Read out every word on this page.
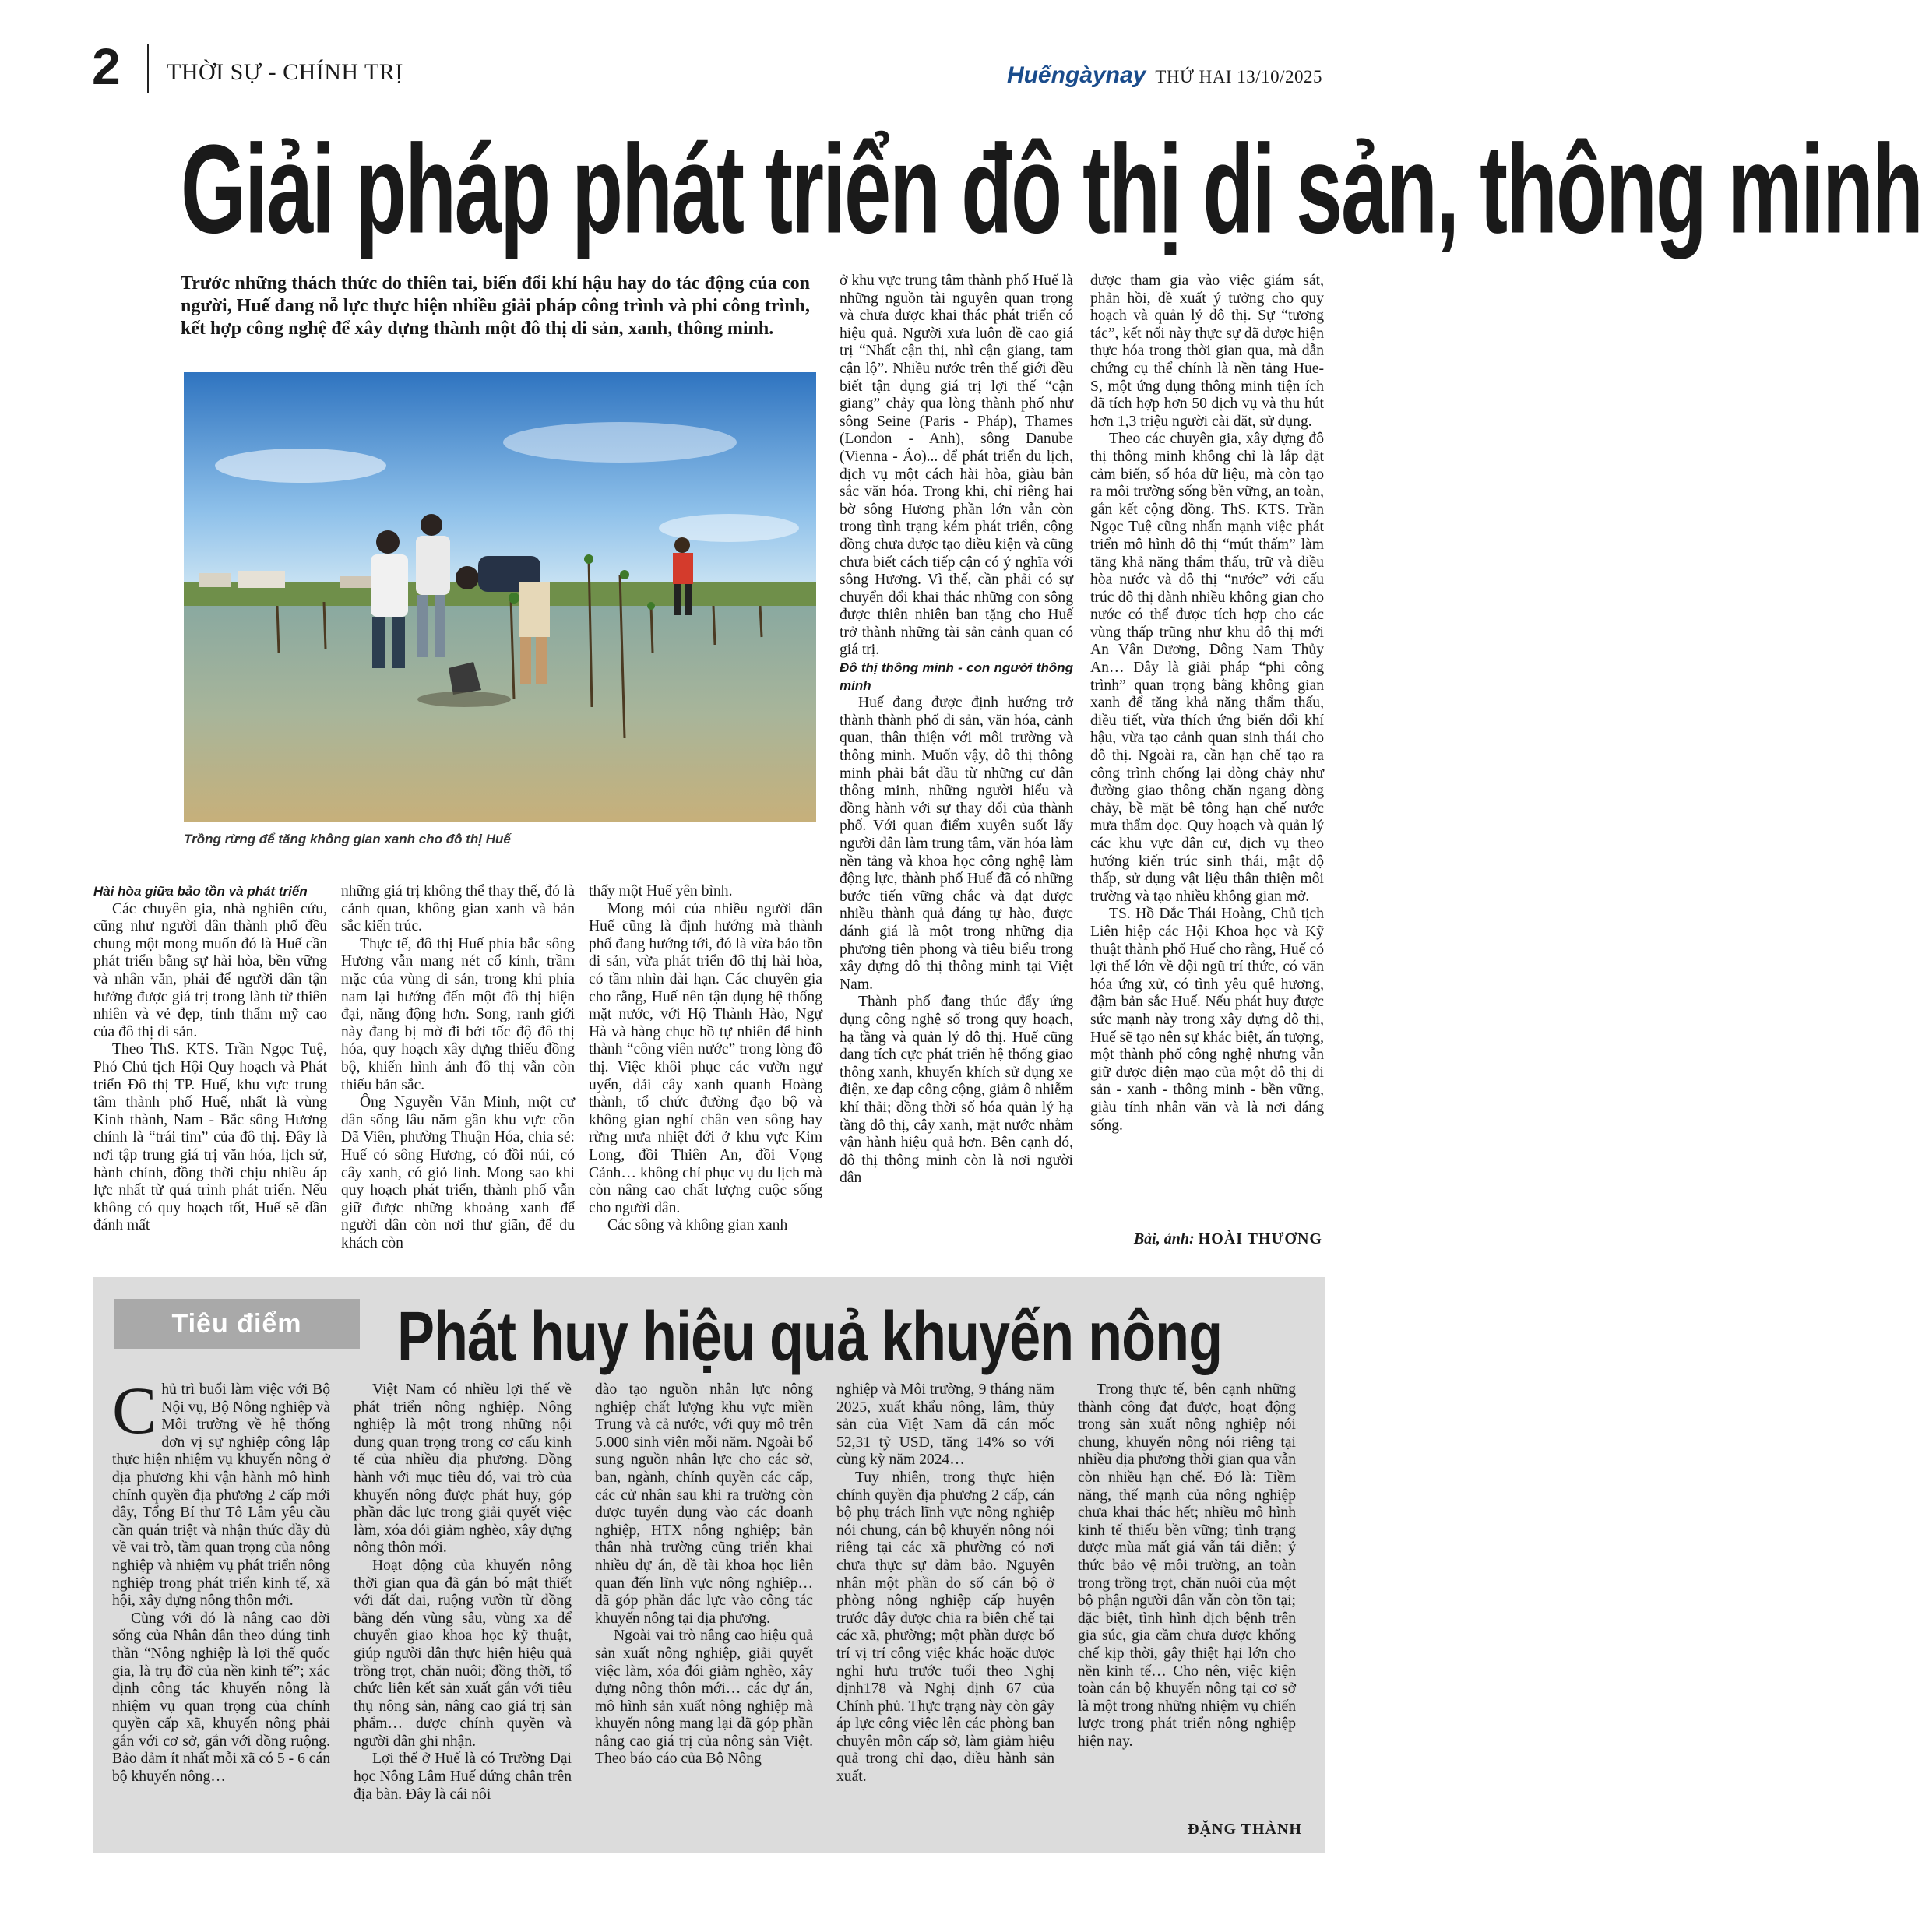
2 THỜI SỰ - CHÍNH TRỊ	Huếngàynay THỨ HAI 13/10/2025
Giải pháp phát triển đô thị di sản, thông minh

Trước những thách thức do thiên tai, biến đổi khí hậu hay do tác động của con người, Huế đang nỗ lực thực hiện nhiều giải pháp công trình và phi công trình, kết hợp công nghệ để xây dựng thành một đô thị di sản, xanh, thông minh.

Trồng rừng để tăng không gian xanh cho đô thị Huế
Hài hòa giữa bảo tồn và phát triển

Các chuyên gia, nhà nghiên cứu, cũng như người dân thành phố đều chung một mong muốn đó là Huế cần phát triển bằng sự hài hòa, bền vững và nhân văn, phải để người dân tận hưởng được giá trị trong lành từ thiên nhiên và vẻ đẹp, tính thẩm mỹ cao của đô thị di sản.

Theo ThS. KTS. Trần Ngọc Tuệ, Phó Chủ tịch Hội Quy hoạch và Phát triển Đô thị TP. Huế, khu vực trung tâm thành phố Huế, nhất là vùng Kinh thành, Nam - Bắc sông Hương chính là “trái tim” của đô thị. Đây là nơi tập trung giá trị văn hóa, lịch sử, hành chính, đồng thời chịu nhiều áp lực nhất từ quá trình phát triển. Nếu không có quy hoạch tốt, Huế sẽ dần đánh mất

những giá trị không thể thay thế, đó là cảnh quan, không gian xanh và bản sắc kiến trúc.

Thực tế, đô thị Huế phía bắc sông Hương vẫn mang nét cổ kính, trầm mặc của vùng di sản, trong khi phía nam lại hướng đến một đô thị hiện đại, năng động hơn. Song, ranh giới này đang bị mờ đi bởi tốc độ đô thị hóa, quy hoạch xây dựng thiếu đồng bộ, khiến hình ảnh đô thị vẫn còn thiếu bản sắc.

Ông Nguyễn Văn Minh, một cư dân sống lâu năm gần khu vực cồn Dã Viên, phường Thuận Hóa, chia sẻ: Huế có sông Hương, có đồi núi, có cây xanh, có giỏ linh. Mong sao khi quy hoạch phát triển, thành phố vẫn giữ được những khoảng xanh để người dân còn nơi thư giãn, để du khách còn

thấy một Huế yên bình.

Mong mỏi của nhiều người dân Huế cũng là định hướng mà thành phố đang hướng tới, đó là vừa bảo tồn di sản, vừa phát triển đô thị hài hòa, có tầm nhìn dài hạn. Các chuyên gia cho rằng, Huế nên tận dụng hệ thống mặt nước, với Hộ Thành Hào, Ngự Hà và hàng chục hồ tự nhiên để hình thành “công viên nước” trong lòng đô thị. Việc khôi phục các vườn ngự uyển, dải cây xanh quanh Hoàng thành, tổ chức đường đạo bộ và không gian nghỉ chân ven sông hay rừng mưa nhiệt đới ở khu vực Kim Long, đồi Thiên An, đồi Vọng Cảnh… không chỉ phục vụ du lịch mà còn nâng cao chất lượng cuộc sống cho người dân.

Các sông và không gian xanh

ở khu vực trung tâm thành phố Huế là những nguồn tài nguyên quan trọng và chưa được khai thác phát triển có hiệu quả. Người xưa luôn đề cao giá trị “Nhất cận thị, nhì cận giang, tam cận lộ”. Nhiều nước trên thế giới đều biết tận dụng giá trị lợi thế “cận giang” chảy qua lòng thành phố như sông Seine (Paris - Pháp), Thames (London - Anh), sông Danube (Vienna - Áo)... để phát triển du lịch, dịch vụ một cách hài hòa, giàu bản sắc văn hóa. Trong khi, chỉ riêng hai bờ sông Hương phần lớn vẫn còn trong tình trạng kém phát triển, cộng đồng chưa được tạo điều kiện và cũng chưa biết cách tiếp cận có ý nghĩa với sông Hương. Vì thế, cần phải có sự chuyển đổi khai thác những con sông được thiên nhiên ban tặng cho Huế trở thành những tài sản cảnh quan có giá trị.

Đô thị thông minh - con người thông minh

Huế đang được định hướng trở thành thành phố di sản, văn hóa, cảnh quan, thân thiện với môi trường và thông minh. Muốn vậy, đô thị thông minh phải bắt đầu từ những cư dân thông minh, những người hiểu và đồng hành với sự thay đổi của thành phố. Với quan điểm xuyên suốt lấy người dân làm trung tâm, văn hóa làm nền tảng và khoa học công nghệ làm động lực, thành phố Huế đã có những bước tiến vững chắc và đạt được nhiều thành quả đáng tự hào, được đánh giá là một trong những địa phương tiên phong và tiêu biểu trong xây dựng đô thị thông minh tại Việt Nam.

Thành phố đang thúc đẩy ứng dụng công nghệ số trong quy hoạch, hạ tầng và quản lý đô thị. Huế cũng đang tích cực phát triển hệ thống giao thông xanh, khuyến khích sử dụng xe điện, xe đạp công cộng, giảm ô nhiễm khí thải; đồng thời số hóa quản lý hạ tầng đô thị, cây xanh, mặt nước nhằm vận hành hiệu quả hơn. Bên cạnh đó, đô thị thông minh còn là nơi người dân

được tham gia vào việc giám sát, phản hồi, đề xuất ý tưởng cho quy hoạch và quản lý đô thị. Sự “tương tác”, kết nối này thực sự đã được hiện thực hóa trong thời gian qua, mà dẫn chứng cụ thể chính là nền tảng Hue-S, một ứng dụng thông minh tiện ích đã tích hợp hơn 50 dịch vụ và thu hút hơn 1,3 triệu người cài đặt, sử dụng.

Theo các chuyên gia, xây dựng đô thị thông minh không chỉ là lắp đặt cảm biến, số hóa dữ liệu, mà còn tạo ra môi trường sống bền vững, an toàn, gắn kết cộng đồng. ThS. KTS. Trần Ngọc Tuệ cũng nhấn mạnh việc phát triển mô hình đô thị “mút thấm” làm tăng khả năng thẩm thấu, trữ và điều hòa nước và đô thị “nước” với cấu trúc đô thị dành nhiều không gian cho nước có thể được tích hợp cho các vùng thấp trũng như khu đô thị mới An Vân Dương, Đông Nam Thủy An… Đây là giải pháp “phi công trình” quan trọng bằng không gian xanh để tăng khả năng thẩm thấu, điều tiết, vừa thích ứng biến đổi khí hậu, vừa tạo cảnh quan sinh thái cho đô thị. Ngoài ra, cần hạn chế tạo ra công trình chống lại dòng chảy như đường giao thông chặn ngang dòng chảy, bề mặt bê tông hạn chế nước mưa thẩm dọc. Quy hoạch và quản lý các khu vực dân cư, dịch vụ theo hướng kiến trúc sinh thái, mật độ thấp, sử dụng vật liệu thân thiện môi trường và tạo nhiều không gian mở.

TS. Hồ Đắc Thái Hoàng, Chủ tịch Liên hiệp các Hội Khoa học và Kỹ thuật thành phố Huế cho rằng, Huế có lợi thế lớn về đội ngũ trí thức, có văn hóa ứng xử, có tình yêu quê hương, đậm bản sắc Huế. Nếu phát huy được sức mạnh này trong xây dựng đô thị, Huế sẽ tạo nên sự khác biệt, ấn tượng, một thành phố công nghệ nhưng vẫn giữ được diện mạo của một đô thị di sản - xanh - thông minh - bền vững, giàu tính nhân văn và là nơi đáng sống.

Bài, ảnh: HOÀI THƯƠNG
Tiêu điểm	Phát huy hiệu quả khuyến nông

Chủ trì buổi làm việc với Bộ Nội vụ, Bộ Nông nghiệp và Môi trường về hệ thống đơn vị sự nghiệp công lập thực hiện nhiệm vụ khuyến nông ở địa phương khi vận hành mô hình chính quyền địa phương 2 cấp mới đây, Tổng Bí thư Tô Lâm yêu cầu cần quán triệt và nhận thức đầy đủ về vai trò, tầm quan trọng của nông nghiệp và nhiệm vụ phát triển nông nghiệp trong phát triển kinh tế, xã hội, xây dựng nông thôn mới.

Cùng với đó là nâng cao đời sống của Nhân dân theo đúng tinh thần “Nông nghiệp là lợi thế quốc gia, là trụ đỡ của nền kinh tế”; xác định công tác khuyến nông là nhiệm vụ quan trọng của chính quyền cấp xã, khuyến nông phải gắn với cơ sở, gắn với đồng ruộng. Bảo đảm ít nhất mỗi xã có 5 - 6 cán bộ khuyến nông…

Việt Nam có nhiều lợi thế về phát triển nông nghiệp. Nông nghiệp là một trong những nội dung quan trọng trong cơ cấu kinh tế của nhiều địa phương. Đồng hành với mục tiêu đó, vai trò của khuyến nông được phát huy, góp phần đắc lực trong giải quyết việc làm, xóa đói giảm nghèo, xây dựng nông thôn mới.

Hoạt động của khuyến nông thời gian qua đã gắn bó mật thiết với đất đai, ruộng vườn từ đồng bằng đến vùng sâu, vùng xa để chuyển giao khoa học kỹ thuật, giúp người dân thực hiện hiệu quả trồng trọt, chăn nuôi; đồng thời, tổ chức liên kết sản xuất gắn với tiêu thụ nông sản, nâng cao giá trị sản phẩm… được chính quyền và người dân ghi nhận.

Lợi thế ở Huế là có Trường Đại học Nông Lâm Huế đứng chân trên địa bàn. Đây là cái nôi

đào tạo nguồn nhân lực nông nghiệp chất lượng khu vực miền Trung và cả nước, với quy mô trên 5.000 sinh viên mỗi năm. Ngoài bổ sung nguồn nhân lực cho các sở, ban, ngành, chính quyền các cấp, các cử nhân sau khi ra trường còn được tuyển dụng vào các doanh nghiệp, HTX nông nghiệp; bản thân nhà trường cũng triển khai nhiều dự án, đề tài khoa học liên quan đến lĩnh vực nông nghiệp… đã góp phần đắc lực vào công tác khuyến nông tại địa phương.

Ngoài vai trò nâng cao hiệu quả sản xuất nông nghiệp, giải quyết việc làm, xóa đói giảm nghèo, xây dựng nông thôn mới… các dự án, mô hình sản xuất nông nghiệp mà khuyến nông mang lại đã góp phần nâng cao giá trị của nông sản Việt. Theo báo cáo của Bộ Nông

nghiệp và Môi trường, 9 tháng năm 2025, xuất khẩu nông, lâm, thủy sản của Việt Nam đã cán mốc 52,31 tỷ USD, tăng 14% so với cùng kỳ năm 2024…

Tuy nhiên, trong thực hiện chính quyền địa phương 2 cấp, cán bộ phụ trách lĩnh vực nông nghiệp nói chung, cán bộ khuyến nông nói riêng tại các xã phường có nơi chưa thực sự đảm bảo. Nguyên nhân một phần do số cán bộ ở phòng nông nghiệp cấp huyện trước đây được chia ra biên chế tại các xã, phường; một phần được bố trí vị trí công việc khác hoặc được nghỉ hưu trước tuổi theo Nghị định178 và Nghị định 67 của Chính phủ. Thực trạng này còn gây áp lực công việc lên các phòng ban chuyên môn cấp sở, làm giảm hiệu quả trong chỉ đạo, điều hành sản xuất.

Trong thực tế, bên cạnh những thành công đạt được, hoạt động trong sản xuất nông nghiệp nói chung, khuyến nông nói riêng tại nhiều địa phương thời gian qua vẫn còn nhiều hạn chế. Đó là: Tiềm năng, thế mạnh của nông nghiệp chưa khai thác hết; nhiều mô hình kinh tế thiếu bền vững; tình trạng được mùa mất giá vẫn tái diễn; ý thức bảo vệ môi trường, an toàn trong trồng trọt, chăn nuôi của một bộ phận người dân vẫn còn tồn tại; đặc biệt, tình hình dịch bệnh trên gia súc, gia cầm chưa được khống chế kịp thời, gây thiệt hại lớn cho nền kinh tế… Cho nên, việc kiện toàn cán bộ khuyến nông tại cơ sở là một trong những nhiệm vụ chiến lược trong phát triển nông nghiệp hiện nay.

ĐẶNG THÀNH
